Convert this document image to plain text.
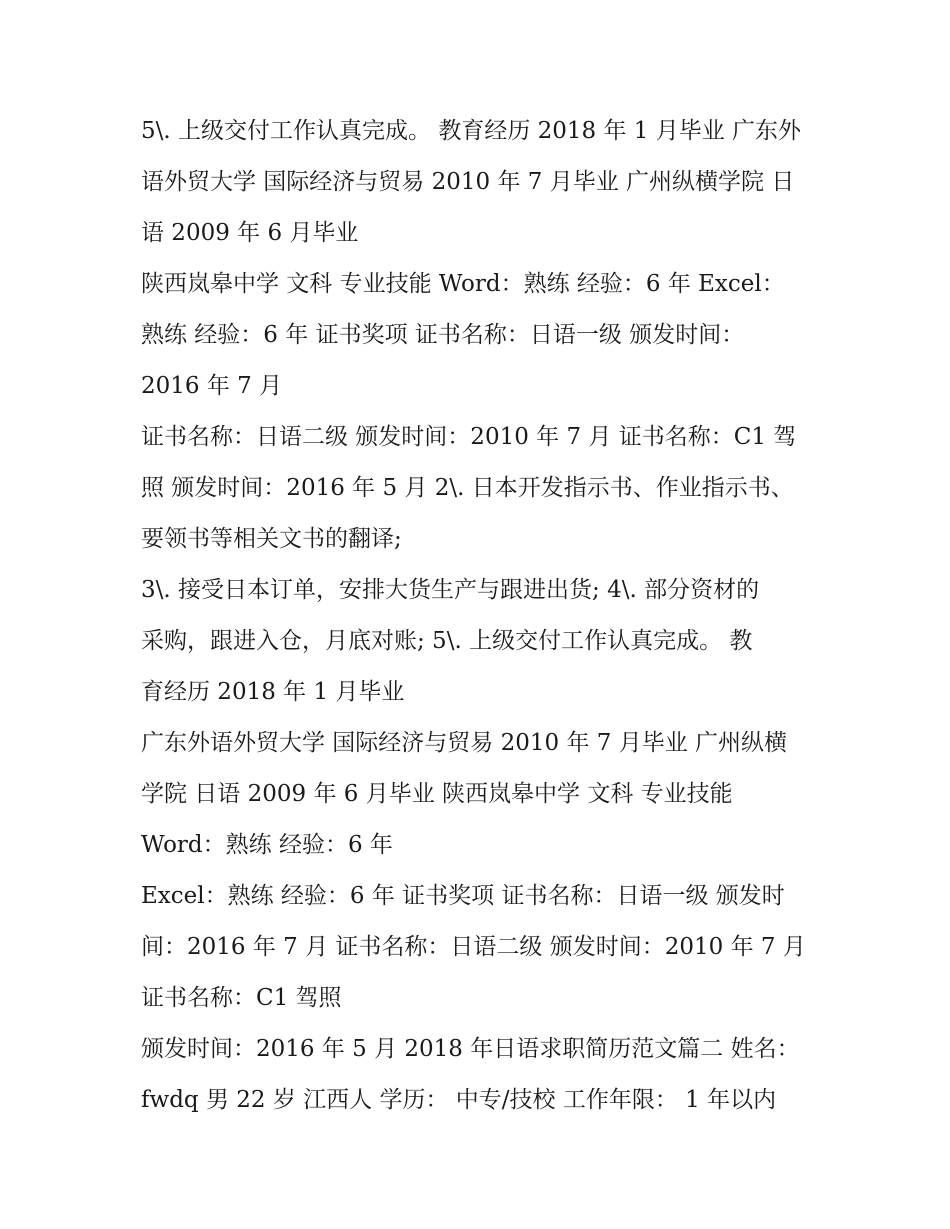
5\. 上级交付工作认真完成。 教育经历 2018 年 1 月毕业 广东外
语外贸大学 国际经济与贸易 2010 年 7 月毕业 广州纵横学院 日
语 2009 年 6 月毕业
陕西岚皋中学 文科 专业技能 Word：熟练 经验：6 年 Excel：
熟练 经验：6 年 证书奖项 证书名称：日语一级 颁发时间：
2016 年 7 月
证书名称：日语二级 颁发时间：2010 年 7 月 证书名称：C1 驾
照 颁发时间：2016 年 5 月 2\. 日本开发指示书、作业指示书、
要领书等相关文书的翻译;
3\. 接受日本订单，安排大货生产与跟进出货; 4\. 部分资材的
采购，跟进入仓，月底对账; 5\. 上级交付工作认真完成。 教
育经历 2018 年 1 月毕业
广东外语外贸大学 国际经济与贸易 2010 年 7 月毕业 广州纵横
学院 日语 2009 年 6 月毕业 陕西岚皋中学 文科 专业技能
Word：熟练 经验：6 年
Excel：熟练 经验：6 年 证书奖项 证书名称：日语一级 颁发时
间：2016 年 7 月 证书名称：日语二级 颁发时间：2010 年 7 月
证书名称：C1 驾照
颁发时间：2016 年 5 月 2018 年日语求职简历范文篇二 姓名：
fwdq 男 22 岁 江西人 学历： 中专/技校 工作年限： 1 年以内
